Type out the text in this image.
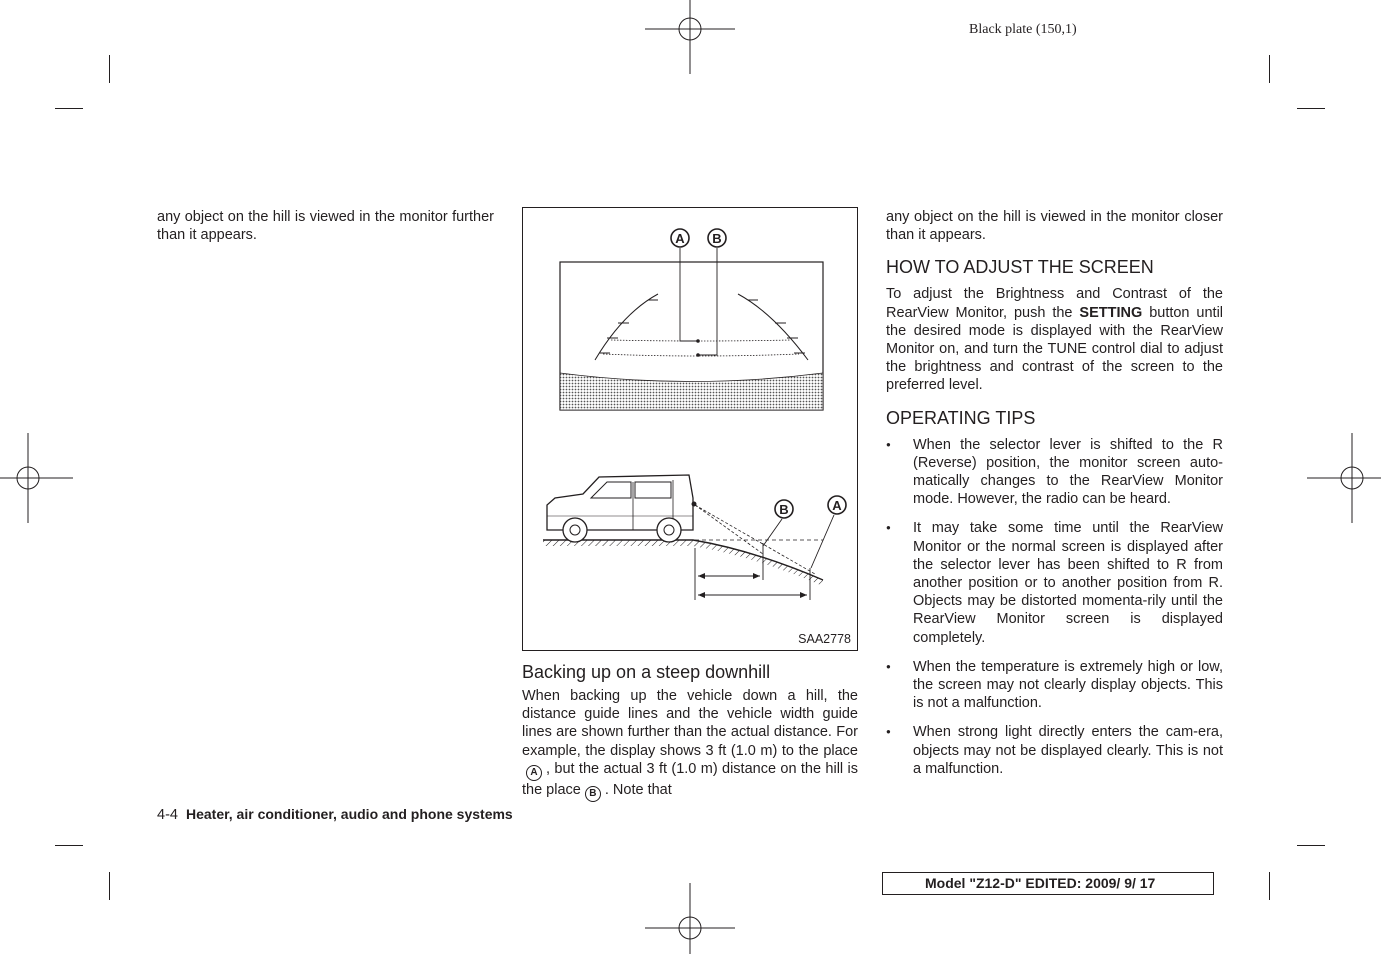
Black plate (150,1)

any object on the hill is viewed in the monitor further than it appears.	A B
B	A
SAA2778
Backing up on a steep downhill

When backing up the vehicle down a hill, the distance guide lines and the vehicle width guide lines are shown further than the actual distance. For example, the display shows 3 ft (1.0 m) to the placeA , but the actual 3 ft (1.0 m) distance on the hill is the place B . Note that

any object on the hill is viewed in the monitor closer than it appears.

HOW TO ADJUST THE SCREEN

To adjust the Brightness and Contrast of the RearView Monitor, push the SETTING button until the desired mode is displayed with the RearView Monitor on, and turn the TUNE control dial to adjust the brightness and contrast of the screen to the preferred level.

OPERATING TIPS
● When the selector lever is shifted to the R (Reverse) position, the monitor screen auto-matically changes to the RearView Monitor mode. However, the radio can be heard.
● It may take some time until the RearView Monitor or the normal screen is displayed after the selector lever has been shifted to R from another position or to another position from R. Objects may be distorted momenta-rily until the RearView Monitor screen is displayed completely.
● When the temperature is extremely high or low, the screen may not clearly display objects. This is not a malfunction.
● When strong light directly enters the cam-era, objects may not be displayed clearly. This is not a malfunction.
4-4 Heater, air conditioner, audio and phone systems
Model "Z12-D" EDITED: 2009/ 9/ 17
